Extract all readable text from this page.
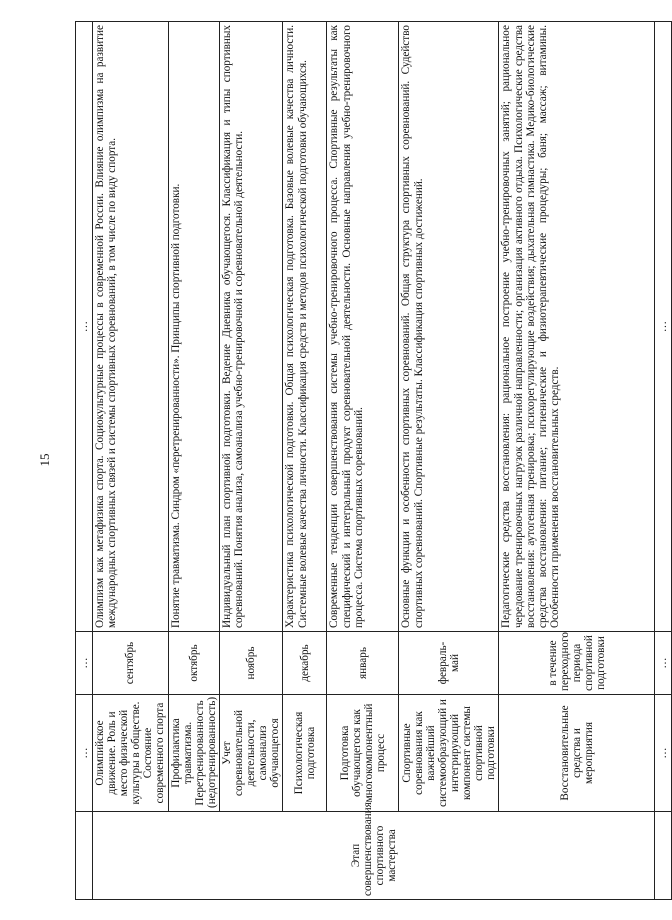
15
	…	…	…
Этап совершенствования спортивного мастерства	Олимпийское движение. Роль и место физической культуры в обществе. Состояние современного спорта	сентябрь	Олимпизм как метафизика спорта. Социокультурные процессы в современной России. Влияние олимпизма на развитие международных спортивных связей и системы спортивных соревнований, в том числе по виду спорта.
	Профилактика травматизма. Перетренированность (недотренированность)	октябрь	Понятие травматизма. Синдром «перетренированности». Принципы спортивной подготовки.
	Учет соревновательной деятельности, самоанализ обучающегося	ноябрь	Индивидуальный план спортивной подготовки. Ведение Дневника обучающегося. Классификация и типы спортивных соревнований. Понятия анализа, самоанализа учебно-тренировочной и соревновательной деятельности.
	Психологическая подготовка	декабрь	Характеристика психологической подготовки. Общая психологическая подготовка. Базовые волевые качества личности. Системные волевые качества личности. Классификация средств и методов психологической подготовки обучающихся.
	Подготовка обучающегося как многокомпонентный процесс	январь	Современные тенденции совершенствования системы учебно-тренировочного процесса. Спортивные результаты как специфический и интегральный продукт соревновательной деятельности. Основные направления учебно-тренировочного процесса. Система спортивных соревнований.
	Спортивные соревнования как важнейший системообразующий и интегрирующий компонент системы спортивной подготовки	февраль-май	Основные функции и особенности спортивных соревнований. Общая структура спортивных соревнований. Судейство спортивных соревнований. Спортивные результаты. Классификация спортивных достижений.
	Восстановительные средства и мероприятия	в течение переходного периода спортивной подготовки	Педагогические средства восстановления: рациональное построение учебно-тренировочных занятий; рациональное чередование тренировочных нагрузок различной направленности; организация активного отдыха. Психологические средства восстановления: аутогенная тренировка; психорегулирующие воздействия; дыхательная гимнастика. Медико-биологические средства восстановления: питание; гигиенические и физиотерапевтические процедуры; баня; массаж; витамины. Особенности применения восстановительных средств.
	…	…	…
